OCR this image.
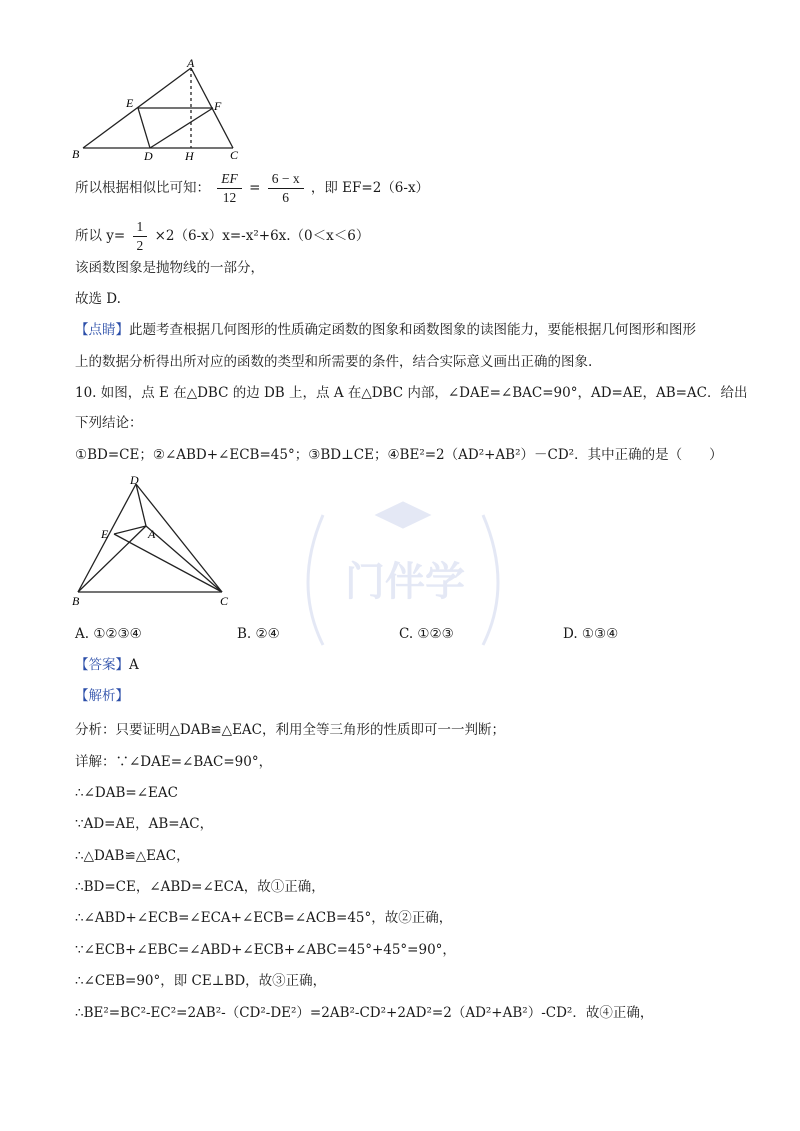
A
E	F
B	D	H	C
所以根据相似比可知： $\frac{EF}{12} = \frac{6 - x}{6}$ ，即 EF=2（6-x）
所以 $y= \frac{1}{2} \times 2(6-x)x=-x^2+6x.(0<x<6)$
该函数图象是抛物线的一部分，
故选 D.
【点睛】此题考查根据几何图形的性质确定函数的图象和函数图象的读图能力，要能根据几何图形和图形
上的数据分析得出所对应的函数的类型和所需要的条件，结合实际意义画出正确的图象.
10. 如图，点 E 在△DBC 的边 DB 上，点 A 在△DBC 内部，∠DAE=∠BAC=90°，AD=AE，AB=AC．给出
下列结论：
①BD=CE；②∠ABD+∠ECB=45°；③BD⊥CE；④BE²=2（AD²+AB²）－CD²．其中正确的是（　　）
门伴学
D
E	A
B	C
A. ①②③④	B. ②④	C. ①②③	D. ①③④
【答案】A
【解析】
分析：只要证明△DAB≌△EAC，利用全等三角形的性质即可一一判断；
详解：∵∠DAE=∠BAC=90°，
∴∠DAB=∠EAC
∵AD=AE，AB=AC，
∴△DAB≌△EAC，
∴BD=CE，∠ABD=∠ECA，故①正确，
∴∠ABD+∠ECB=∠ECA+∠ECB=∠ACB=45°，故②正确，
∵∠ECB+∠EBC=∠ABD+∠ECB+∠ABC=45°+45°=90°，
∴∠CEB=90°，即 CE⊥BD，故③正确，
∴BE²=BC²-EC²=2AB²-（CD²-DE²）=2AB²-CD²+2AD²=2（AD²+AB²）-CD²．故④正确，
